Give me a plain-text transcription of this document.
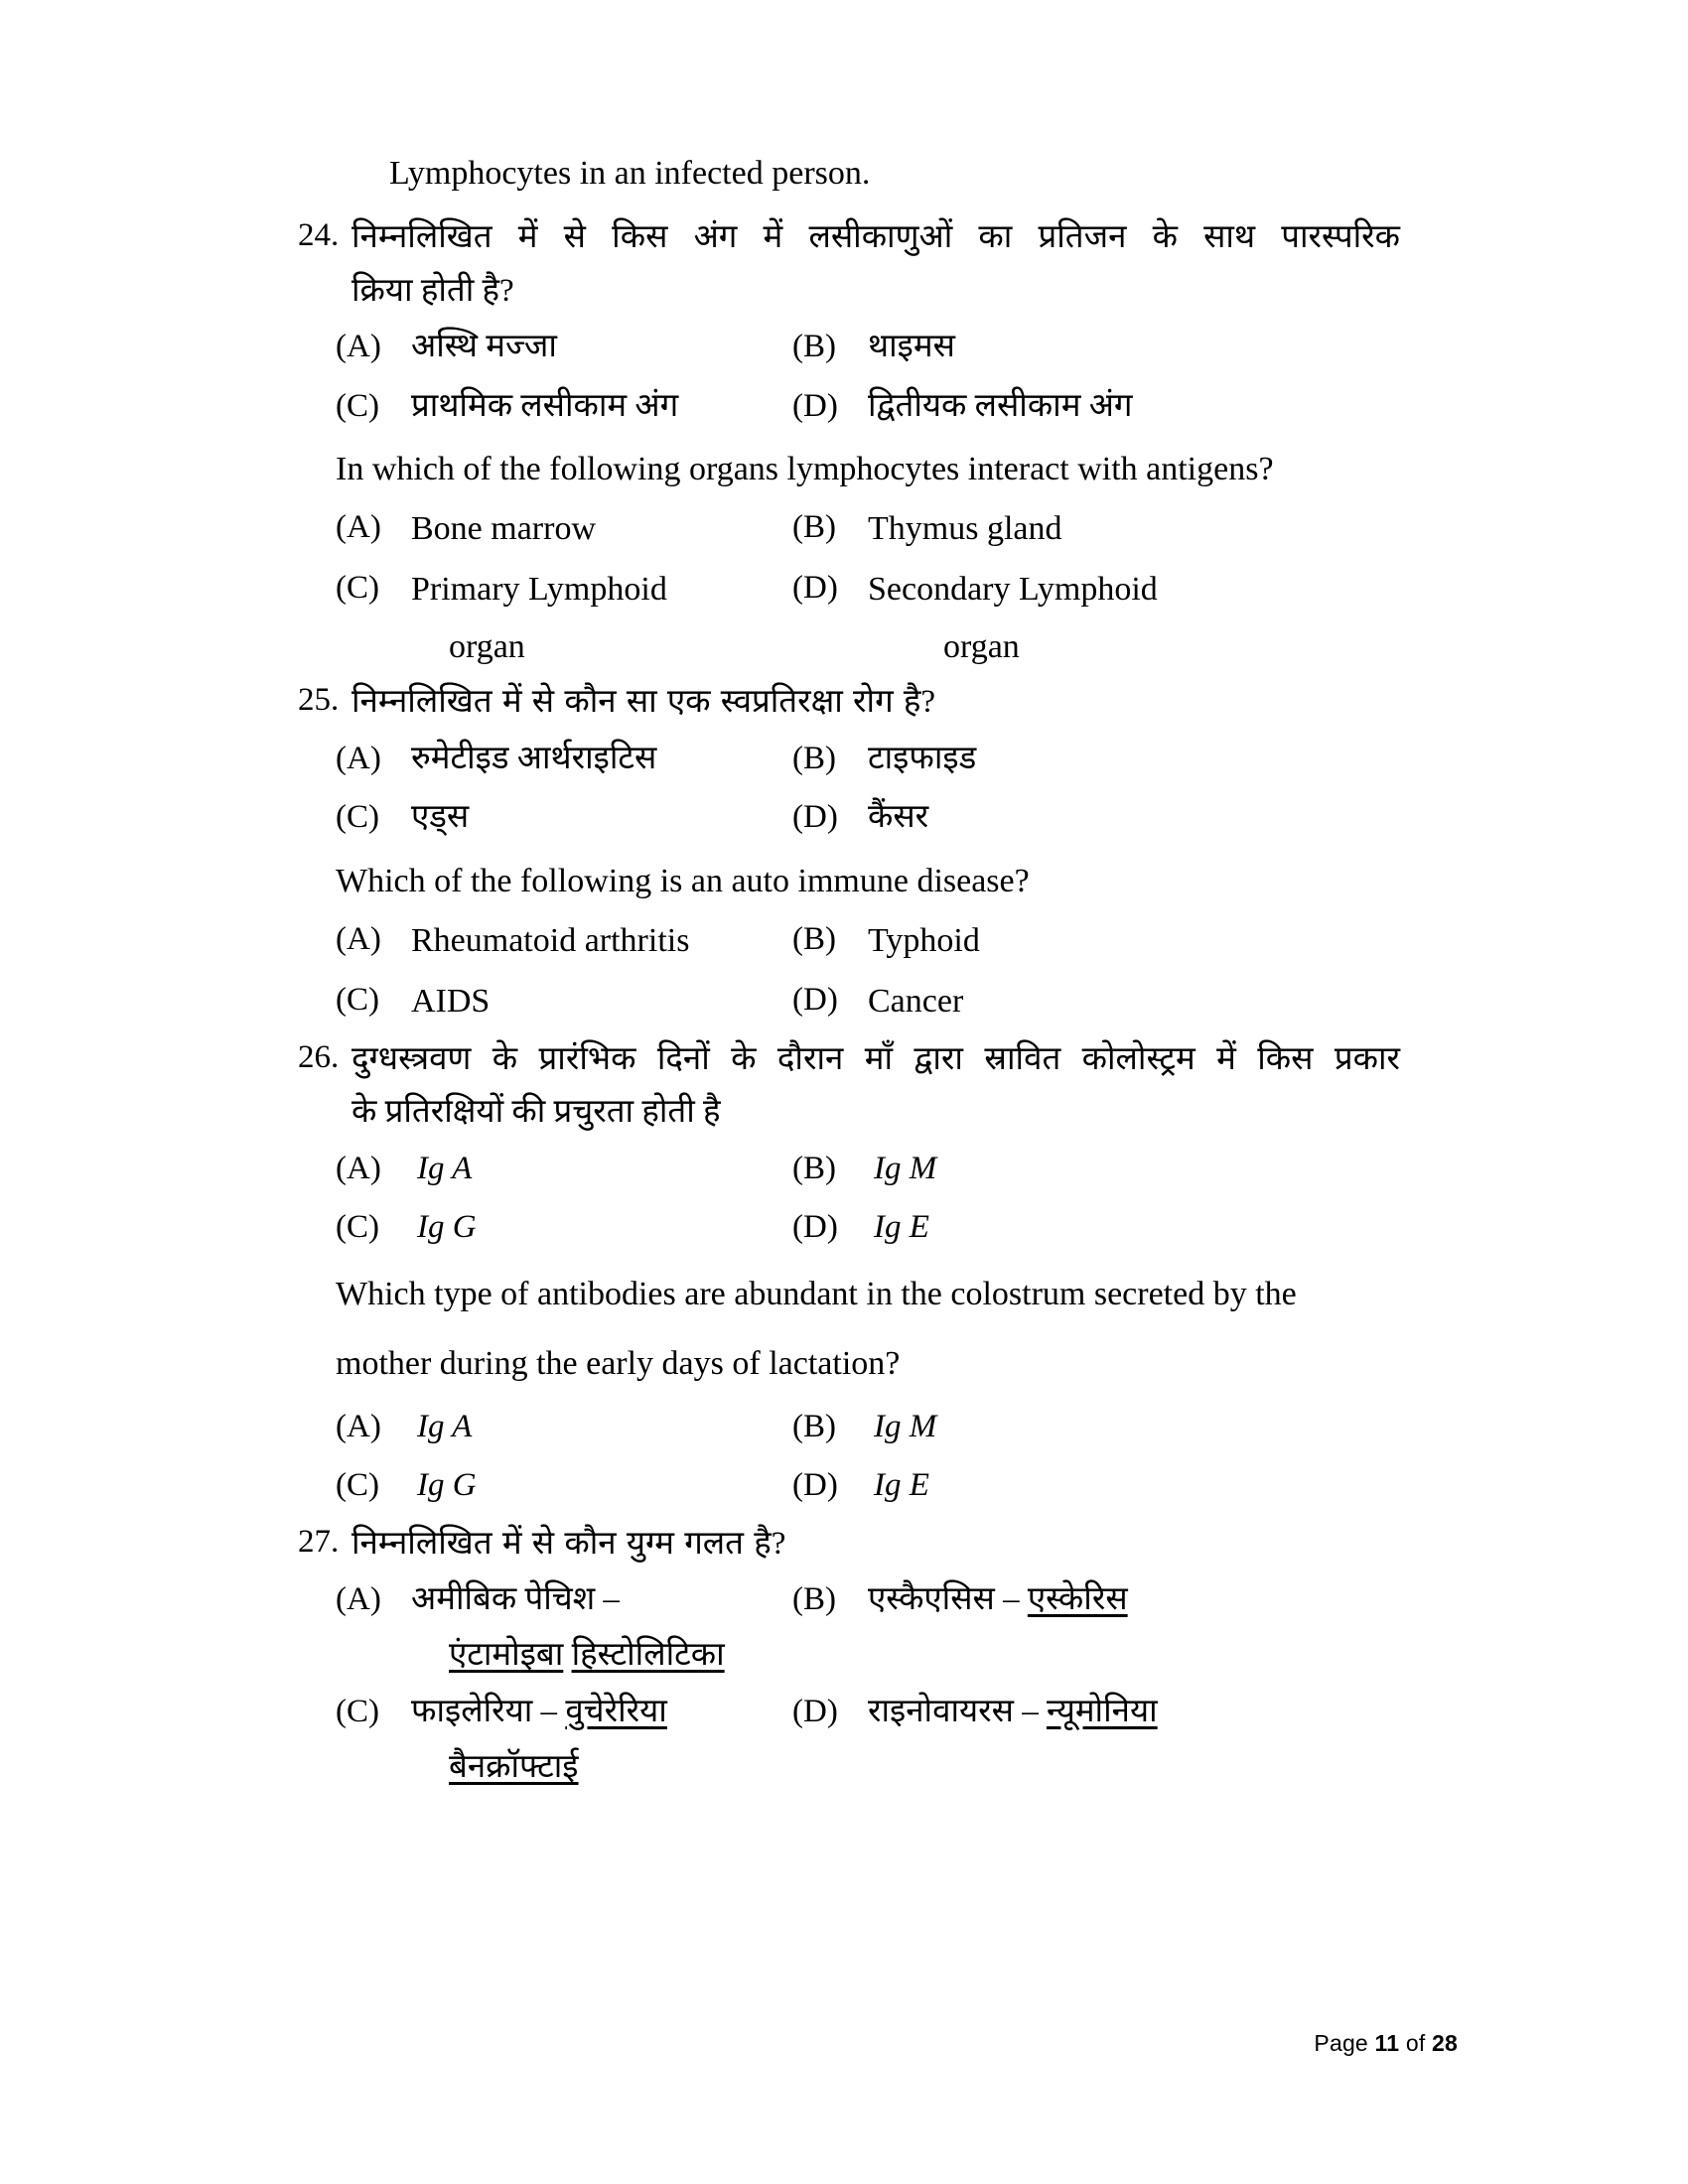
Lymphocytes in an infected person.
24. निम्नलिखित में से किस अंग में लसीकाणुओं का प्रतिजन के साथ पारस्परिक
क्रिया होती है?
(A) अस्थि मज्जा	(B) थाइमस
(C) प्राथमिक लसीकाम अंग	(D) द्वितीयक लसीकाम अंग
In which of the following organs lymphocytes interact with antigens?
(A) Bone marrow	(B) Thymus gland
(C) Primary Lymphoid	(D) Secondary Lymphoid
organ	organ
25. निम्नलिखित में से कौन सा एक स्वप्रतिरक्षा रोग है?
(A) रुमेटीइड आर्थराइटिस	(B) टाइफाइड
(C) एड्स	(D) कैंसर
Which of the following is an auto immune disease?
(A) Rheumatoid arthritis	(B) Typhoid
(C) AIDS	(D) Cancer
26. दुग्धस्त्रवण के प्रारंभिक दिनों के दौरान माँ द्वारा स्रावित कोलोस्ट्रम में किस प्रकार
के प्रतिरक्षियों की प्रचुरता होती है
(A)	Ig A	(B)	Ig M
(C)	Ig G	(D)	Ig E
Which type of antibodies are abundant in the colostrum secreted by the
mother during the early days of lactation?
(A)	Ig A	(B)	Ig M
(C)	Ig G	(D)	Ig E
27. निम्नलिखित में से कौन युग्म गलत है?
(A) अमीबिक पेचिश –	(B) एस्कैएसिस – एस्केरिस
एंटामोइबा हिस्टोलिटिका
(C) फाइलेरिया – वुचेरेरिया	(D) राइनोवायरस – न्यूमोनिया
बैनक्रॉफ्टाई
Page 11 of 28
